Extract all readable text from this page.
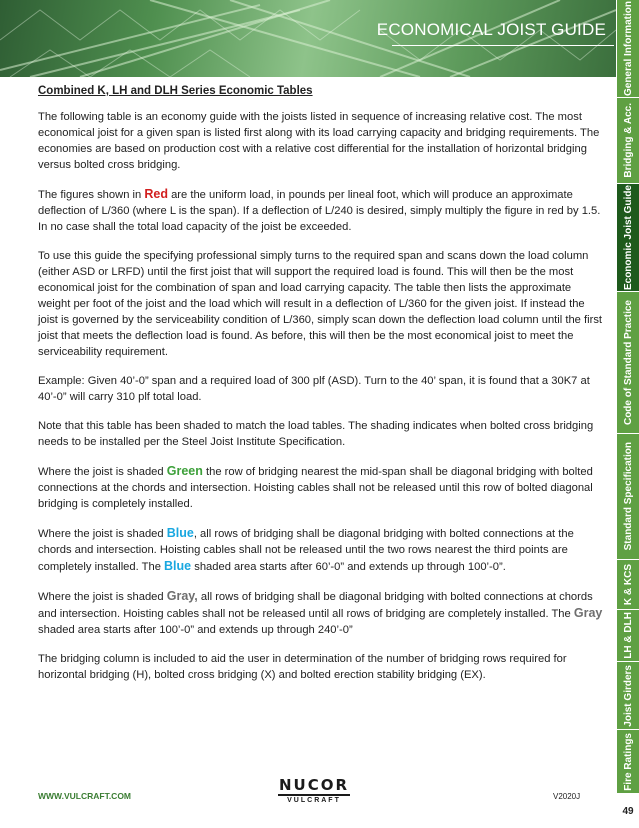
ECONOMICAL JOIST GUIDE General Information
Bridging & Acc.
Economic Joist Guide
Code of Standard Practice
Standard Specification
K & KCS
LH & DLH
Joist Girders
Fire Ratings
49

Combined K, LH and DLH Series Economic Tables

The following table is an economy guide with the joists listed in sequence of increasing relative cost. The most economical joist for a given span is listed first along with its load carrying capacity and bridging requirements. The economies are based on production cost with a relative cost differential for the installation of horizontal bridging versus bolted cross bridging.

The figures shown in Red are the uniform load, in pounds per lineal foot, which will produce an approximate deflection of L/360 (where L is the span). If a deflection of L/240 is desired, simply multiply the figure in red by 1.5. In no case shall the total load capacity of the joist be exceeded.

To use this guide the specifying professional simply turns to the required span and scans down the load column (either ASD or LRFD) until the first joist that will support the required load is found. This will then be the most economical joist for the combination of span and load carrying capacity. The table then lists the approximate weight per foot of the joist and the load which will result in a deflection of L/360 for the given joist. If instead the joist is governed by the serviceability condition of L/360, simply scan down the deflection load column until the first joist that meets the deflection load is found. As before, this will then be the most economical joist to meet the serviceability requirement.

Example: Given 40’-0” span and a required load of 300 plf (ASD). Turn to the 40’ span, it is found that a 30K7 at 40’-0” will carry 310 plf total load.

Note that this table has been shaded to match the load tables. The shading indicates when bolted cross bridging needs to be installed per the Steel Joist Institute Specification.

Where the joist is shaded Green the row of bridging nearest the mid-span shall be diagonal bridging with bolted connections at the chords and intersection. Hoisting cables shall not be released until this row of bolted diagonal bridging is completely installed.

Where the joist is shaded Blue, all rows of bridging shall be diagonal bridging with bolted connections at the chords and intersection. Hoisting cables shall not be released until the two rows nearest the third points are completely installed. The Blue shaded area starts after 60’-0” and extends up through 100’-0”.

Where the joist is shaded Gray, all rows of bridging shall be diagonal bridging with bolted connections at chords and intersection. Hoisting cables shall not be released until all rows of bridging are completely installed. The Gray shaded area starts after 100’-0” and extends up through 240’-0”

The bridging column is included to aid the user in determination of the number of bridging rows required for horizontal bridging (H), bolted cross bridging (X) and bolted erection stability bridging (EX).

WWW.VULCRAFT.COM
NUCOR
VULCRAFT	V2020J
